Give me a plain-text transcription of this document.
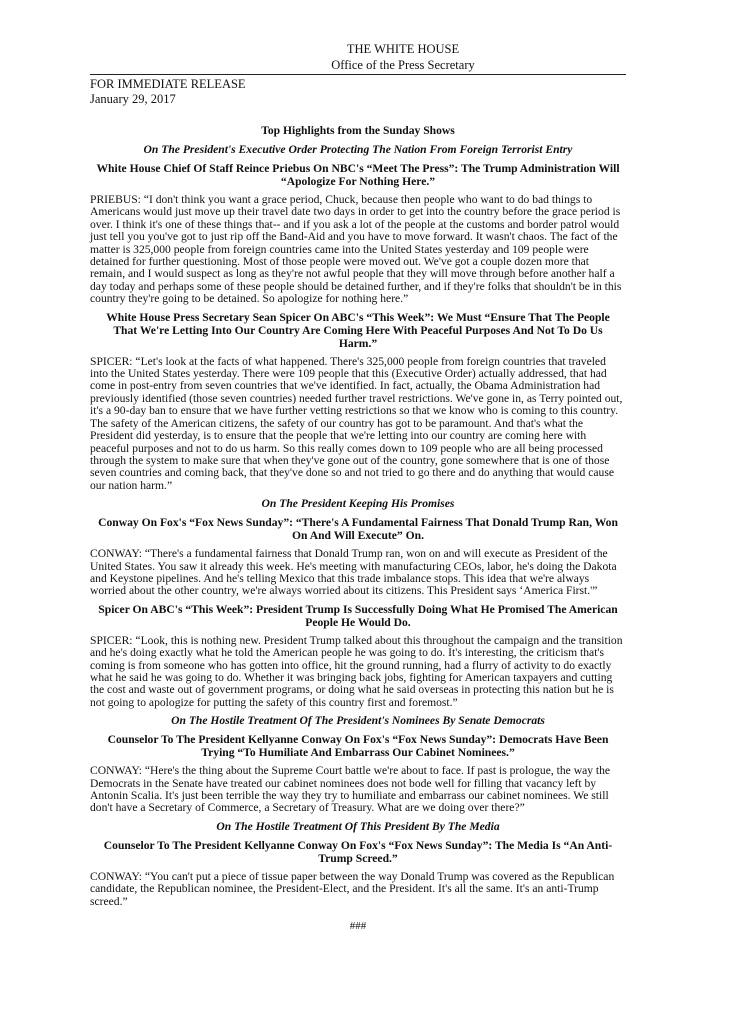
THE WHITE HOUSE
Office of the Press Secretary
FOR IMMEDIATE RELEASE
January 29, 2017
Top Highlights from the Sunday Shows
On The President's Executive Order Protecting The Nation From Foreign Terrorist Entry
White House Chief Of Staff Reince Priebus On NBC's “Meet The Press”: The Trump Administration Will “Apologize For Nothing Here.”
PRIEBUS: “I don't think you want a grace period, Chuck, because then people who want to do bad things to Americans would just move up their travel date two days in order to get into the country before the grace period is over. I think it's one of these things that-- and if you ask a lot of the people at the customs and border patrol would just tell you you've got to just rip off the Band-Aid and you have to move forward. It wasn't chaos. The fact of the matter is 325,000 people from foreign countries came into the United States yesterday and 109 people were detained for further questioning. Most of those people were moved out. We've got a couple dozen more that remain, and I would suspect as long as they're not awful people that they will move through before another half a day today and perhaps some of these people should be detained further, and if they're folks that shouldn't be in this country they're going to be detained. So apologize for nothing here.”
White House Press Secretary Sean Spicer On ABC's “This Week”: We Must “Ensure That The People That We're Letting Into Our Country Are Coming Here With Peaceful Purposes And Not To Do Us Harm.”
SPICER: “Let's look at the facts of what happened. There's 325,000 people from foreign countries that traveled into the United States yesterday. There were 109 people that this (Executive Order) actually addressed, that had come in post-entry from seven countries that we've identified. In fact, actually, the Obama Administration had previously identified (those seven countries) needed further travel restrictions. We've gone in, as Terry pointed out, it's a 90-day ban to ensure that we have further vetting restrictions so that we know who is coming to this country. The safety of the American citizens, the safety of our country has got to be paramount. And that's what the President did yesterday, is to ensure that the people that we're letting into our country are coming here with peaceful purposes and not to do us harm. So this really comes down to 109 people who are all being processed through the system to make sure that when they've gone out of the country, gone somewhere that is one of those seven countries and coming back, that they've done so and not tried to go there and do anything that would cause our nation harm.”
On The President Keeping His Promises
Conway On Fox's “Fox News Sunday”: “There's A Fundamental Fairness That Donald Trump Ran, Won On And Will Execute” On.
CONWAY: “There's a fundamental fairness that Donald Trump ran, won on and will execute as President of the United States. You saw it already this week. He's meeting with manufacturing CEOs, labor, he's doing the Dakota and Keystone pipelines. And he's telling Mexico that this trade imbalance stops. This idea that we're always worried about the other country, we're always worried about its citizens. This President says ‘America First.'”
Spicer On ABC's “This Week”: President Trump Is Successfully Doing What He Promised The American People He Would Do.
SPICER: “Look, this is nothing new. President Trump talked about this throughout the campaign and the transition and he's doing exactly what he told the American people he was going to do. It's interesting, the criticism that's coming is from someone who has gotten into office, hit the ground running, had a flurry of activity to do exactly what he said he was going to do. Whether it was bringing back jobs, fighting for American taxpayers and cutting the cost and waste out of government programs, or doing what he said overseas in protecting this nation but he is not going to apologize for putting the safety of this country first and foremost.”
On The Hostile Treatment Of The President's Nominees By Senate Democrats
Counselor To The President Kellyanne Conway On Fox's “Fox News Sunday”: Democrats Have Been Trying “To Humiliate And Embarrass Our Cabinet Nominees.”
CONWAY: “Here's the thing about the Supreme Court battle we're about to face. If past is prologue, the way the Democrats in the Senate have treated our cabinet nominees does not bode well for filling that vacancy left by Antonin Scalia. It's just been terrible the way they try to humiliate and embarrass our cabinet nominees. We still don't have a Secretary of Commerce, a Secretary of Treasury. What are we doing over there?”
On The Hostile Treatment Of This President By The Media
Counselor To The President Kellyanne Conway On Fox's “Fox News Sunday”: The Media Is “An Anti-Trump Screed.”
CONWAY: “You can't put a piece of tissue paper between the way Donald Trump was covered as the Republican candidate, the Republican nominee, the President-Elect, and the President. It's all the same. It's an anti-Trump screed.”
###
